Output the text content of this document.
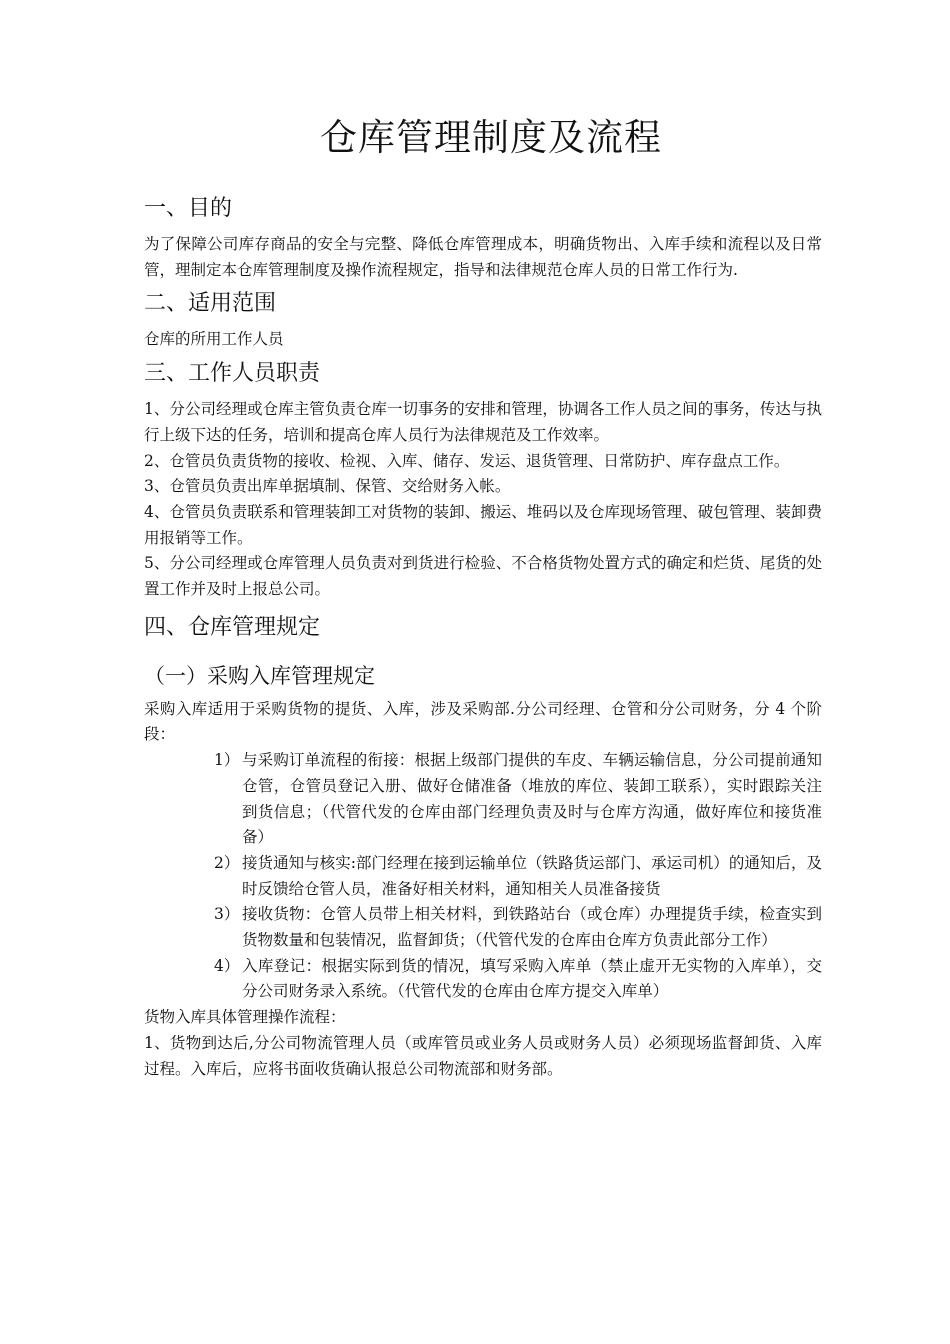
仓库管理制度及流程
一、目的

为了保障公司库存商品的安全与完整、降低仓库管理成本，明确货物出、入库手续和流程以及日常管，理制定本仓库管理制度及操作流程规定，指导和法律规范仓库人员的日常工作行为.

二、适用范围

仓库的所用工作人员

三、工作人员职责

1、分公司经理或仓库主管负责仓库一切事务的安排和管理，协调各工作人员之间的事务，传达与执行上级下达的任务，培训和提高仓库人员行为法律规范及工作效率。

2、仓管员负责货物的接收、检视、入库、储存、发运、退货管理、日常防护、库存盘点工作。

3、仓管员负责出库单据填制、保管、交给财务入帐。

4、仓管员负责联系和管理装卸工对货物的装卸、搬运、堆码以及仓库现场管理、破包管理、装卸费用报销等工作。

5、分公司经理或仓库管理人员负责对到货进行检验、不合格货物处置方式的确定和烂货、尾货的处置工作并及时上报总公司。

四、仓库管理规定
（一）采购入库管理规定

采购入库适用于采购货物的提货、入库，涉及采购部.分公司经理、仓管和分公司财务，分 4 个阶段：

1） 与采购订单流程的衔接：根据上级部门提供的车皮、车辆运输信息，分公司提前通知仓管，仓管员登记入册、做好仓储准备（堆放的库位、装卸工联系），实时跟踪关注到货信息；（代管代发的仓库由部门经理负责及时与仓库方沟通，做好库位和接货准备）
2） 接货通知与核实:部门经理在接到运输单位（铁路货运部门、承运司机）的通知后，及时反馈给仓管人员，准备好相关材料，通知相关人员准备接货
3） 接收货物：仓管人员带上相关材料，到铁路站台（或仓库）办理提货手续，检查实到货物数量和包装情况，监督卸货；（代管代发的仓库由仓库方负责此部分工作）
4） 入库登记：根据实际到货的情况，填写采购入库单（禁止虚开无实物的入库单），交分公司财务录入系统。（代管代发的仓库由仓库方提交入库单）

货物入库具体管理操作流程：

1、货物到达后,分公司物流管理人员（或库管员或业务人员或财务人员）必须现场监督卸货、入库过程。入库后，应将书面收货确认报总公司物流部和财务部。
